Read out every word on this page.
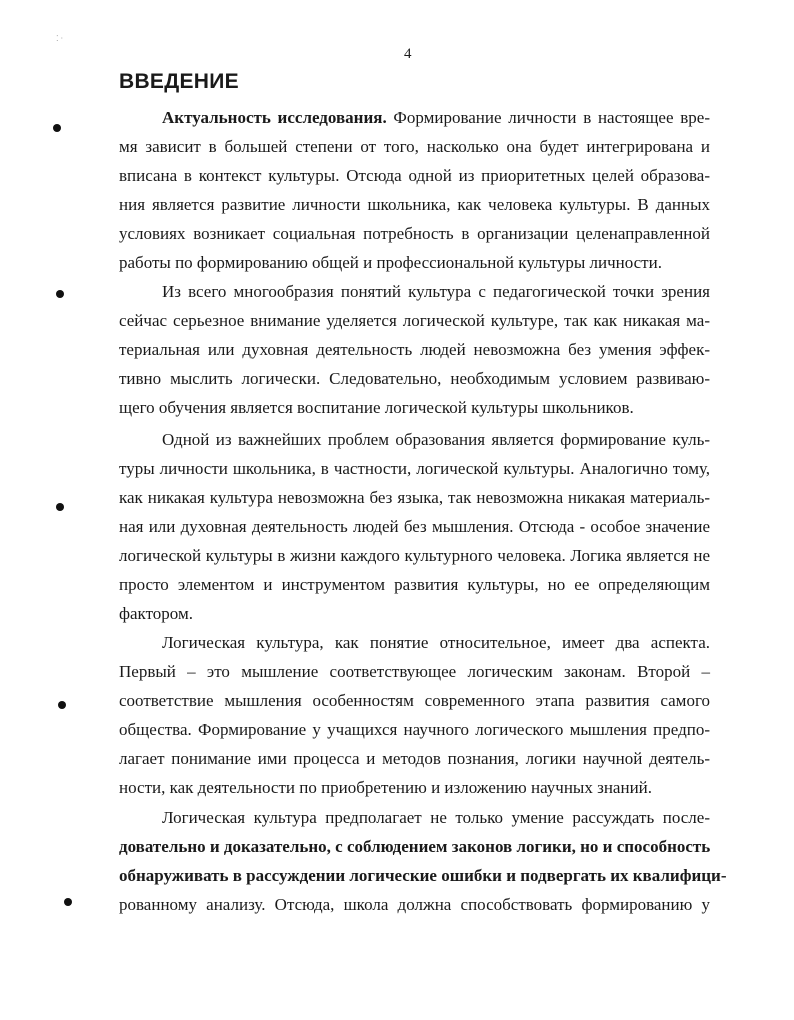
⁚ ·
4
ВВЕДЕНИЕ
Актуальность исследования. Формирование личности в настоящее вре-
мя зависит в большей степени от того, насколько она будет интегрирована и
вписана в контекст культуры. Отсюда одной из приоритетных целей образова-
ния является развитие личности школьника, как человека культуры. В данных
условиях возникает социальная потребность в организации целенаправленной
работы по формированию общей и профессиональной культуры личности.
Из всего многообразия понятий культура с педагогической точки зрения
сейчас серьезное внимание уделяется логической культуре, так как никакая ма-
териальная или духовная деятельность людей невозможна без умения эффек-
тивно мыслить логически. Следовательно, необходимым условием развиваю-
щего обучения является воспитание логической культуры школьников.
Одной из важнейших проблем образования является формирование куль-
туры личности школьника, в частности, логической культуры. Аналогично тому,
как никакая культура невозможна без языка, так невозможна никакая материаль-
ная или духовная деятельность людей без мышления. Отсюда - особое значение
логической культуры в жизни каждого культурного человека. Логика является не
просто элементом и инструментом развития культуры, но ее определяющим
фактором.
Логическая культура, как понятие относительное, имеет два аспекта.
Первый – это мышление соответствующее логическим законам. Второй –
соответствие мышления особенностям современного этапа развития самого
общества. Формирование у учащихся научного логического мышления предпо-
лагает понимание ими процесса и методов познания, логики научной деятель-
ности, как деятельности по приобретению и изложению научных знаний.
Логическая культура предполагает не только умение рассуждать после-
довательно и доказательно, с соблюдением законов логики, но и способность
обнаруживать в рассуждении логические ошибки и подвергать их квалифици-
рованному анализу. Отсюда, школа должна способствовать формированию у
